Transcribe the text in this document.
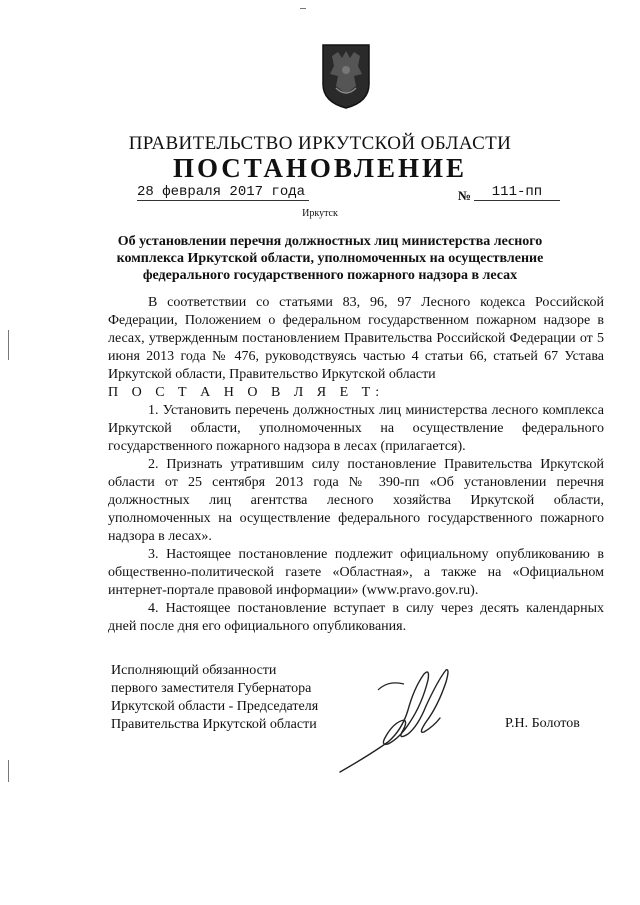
ПРАВИТЕЛЬСТВО ИРКУТСКОЙ ОБЛАСТИ
ПОСТАНОВЛЕНИЕ
28 февраля 2017 года	№	111-пп
Иркутск
Об установлении перечня должностных лиц министерства лесного комплекса Иркутской области, уполномоченных на осуществление федерального государственного пожарного надзора в лесах

В соответствии со статьями 83, 96, 97 Лесного кодекса Российской Федерации, Положением о федеральном государственном пожарном надзоре в лесах, утвержденным постановлением Правительства Российской Федерации от 5 июня 2013 года № 476, руководствуясь частью 4 статьи 66, статьей 67 Устава Иркутской области, Правительство Иркутской области

П О С Т А Н О В Л Я Е Т:

1. Установить перечень должностных лиц министерства лесного комплекса Иркутской области, уполномоченных на осуществление федерального государственного пожарного надзора в лесах (прилагается).

2. Признать утратившим силу постановление Правительства Иркутской области от 25 сентября 2013 года № 390-пп «Об установлении перечня должностных лиц агентства лесного хозяйства Иркутской области, уполномоченных на осуществление федерального государственного пожарного надзора в лесах».

3. Настоящее постановление подлежит официальному опубликованию в общественно-политической газете «Областная», а также на «Официальном интернет-портале правовой информации» (www.pravo.gov.ru).

4. Настоящее постановление вступает в силу через десять календарных дней после дня его официального опубликования.

Исполняющий обязанности
первого заместителя Губернатора
Иркутской области - Председателя
Правительства Иркутской области	Р.Н. Болотов
